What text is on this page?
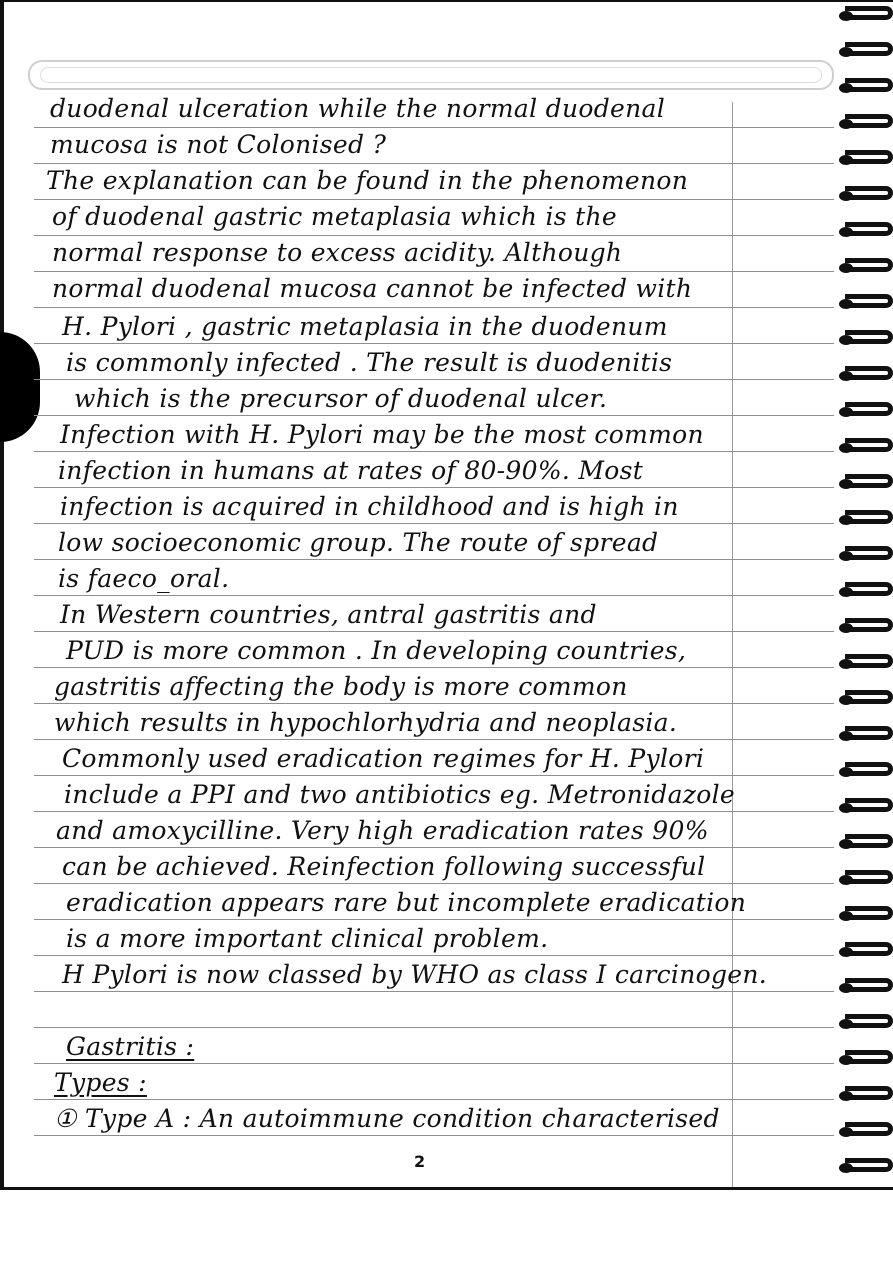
duodenal ulceration while the normal duodenal
mucosa is not Colonised ?
The explanation can be found in the phenomenon
of duodenal gastric metaplasia which is the
normal response to excess acidity. Although
normal duodenal mucosa cannot be infected with
H. Pylori , gastric metaplasia in the duodenum
is commonly infected . The result is duodenitis
which is the precursor of duodenal ulcer.
Infection with H. Pylori may be the most common
infection in humans at rates of 80-90%. Most
infection is acquired in childhood and is high in
low socioeconomic group. The route of spread
is faeco_oral.
In Western countries, antral gastritis and
PUD is more common . In developing countries,
gastritis affecting the body is more common
which results in hypochlorhydria and neoplasia.
Commonly used eradication regimes for H. Pylori
include a PPI and two antibiotics eg. Metronidazole
and amoxycilline. Very high eradication rates 90%
can be achieved. Reinfection following successful
eradication appears rare but incomplete eradication
is a more important clinical problem.
H Pylori is now classed by WHO as class I carcinogen.
Gastritis :
Types :
① Type A : An autoimmune condition characterised
2
